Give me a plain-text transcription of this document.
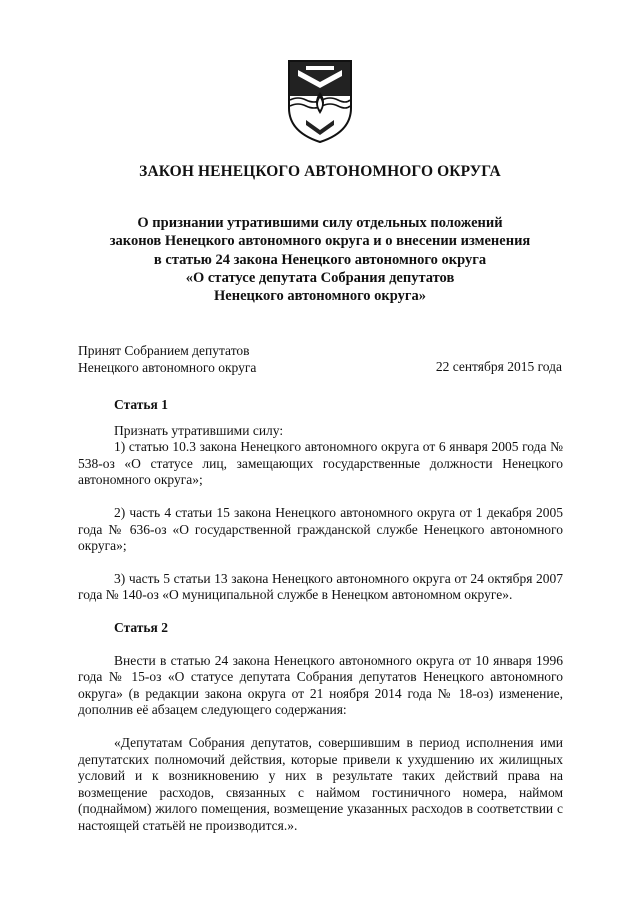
ЗАКОН НЕНЕЦКОГО АВТОНОМНОГО ОКРУГА
О признании утратившими силу отдельных положений
законов Ненецкого автономного округа и о внесении изменения
в статью 24 закона Ненецкого автономного округа
«О статусе депутата Собрания депутатов
Ненецкого автономного округа»
Принят Собранием депутатов
Ненецкого автономного округа	22 сентября 2015 года
Статья 1

Признать утратившими силу:

1) статью 10.3 закона Ненецкого автономного округа от 6 января 2005 года № 538-оз «О статусе лиц, замещающих государственные должности Ненецкого автономного округа»;

2) часть 4 статьи 15 закона Ненецкого автономного округа от 1 декабря 2005 года № 636-оз «О государственной гражданской службе Ненецкого автономного округа»;

3) часть 5 статьи 13 закона Ненецкого автономного округа от 24 октября 2007 года № 140-оз «О муниципальной службе в Ненецком автономном округе».

Статья 2

Внести в статью 24 закона Ненецкого автономного округа от 10 января 1996 года № 15-оз «О статусе депутата Собрания депутатов Ненецкого автономного округа» (в редакции закона округа от 21 ноября 2014 года № 18-оз) изменение, дополнив её абзацем следующего содержания:

«Депутатам Собрания депутатов, совершившим в период исполнения ими депутатских полномочий действия, которые привели к ухудшению их жилищных условий и к возникновению у них в результате таких действий права на возмещение расходов, связанных с наймом гостиничного номера, наймом (поднаймом) жилого помещения, возмещение указанных расходов в соответствии с настоящей статьёй не производится.».
